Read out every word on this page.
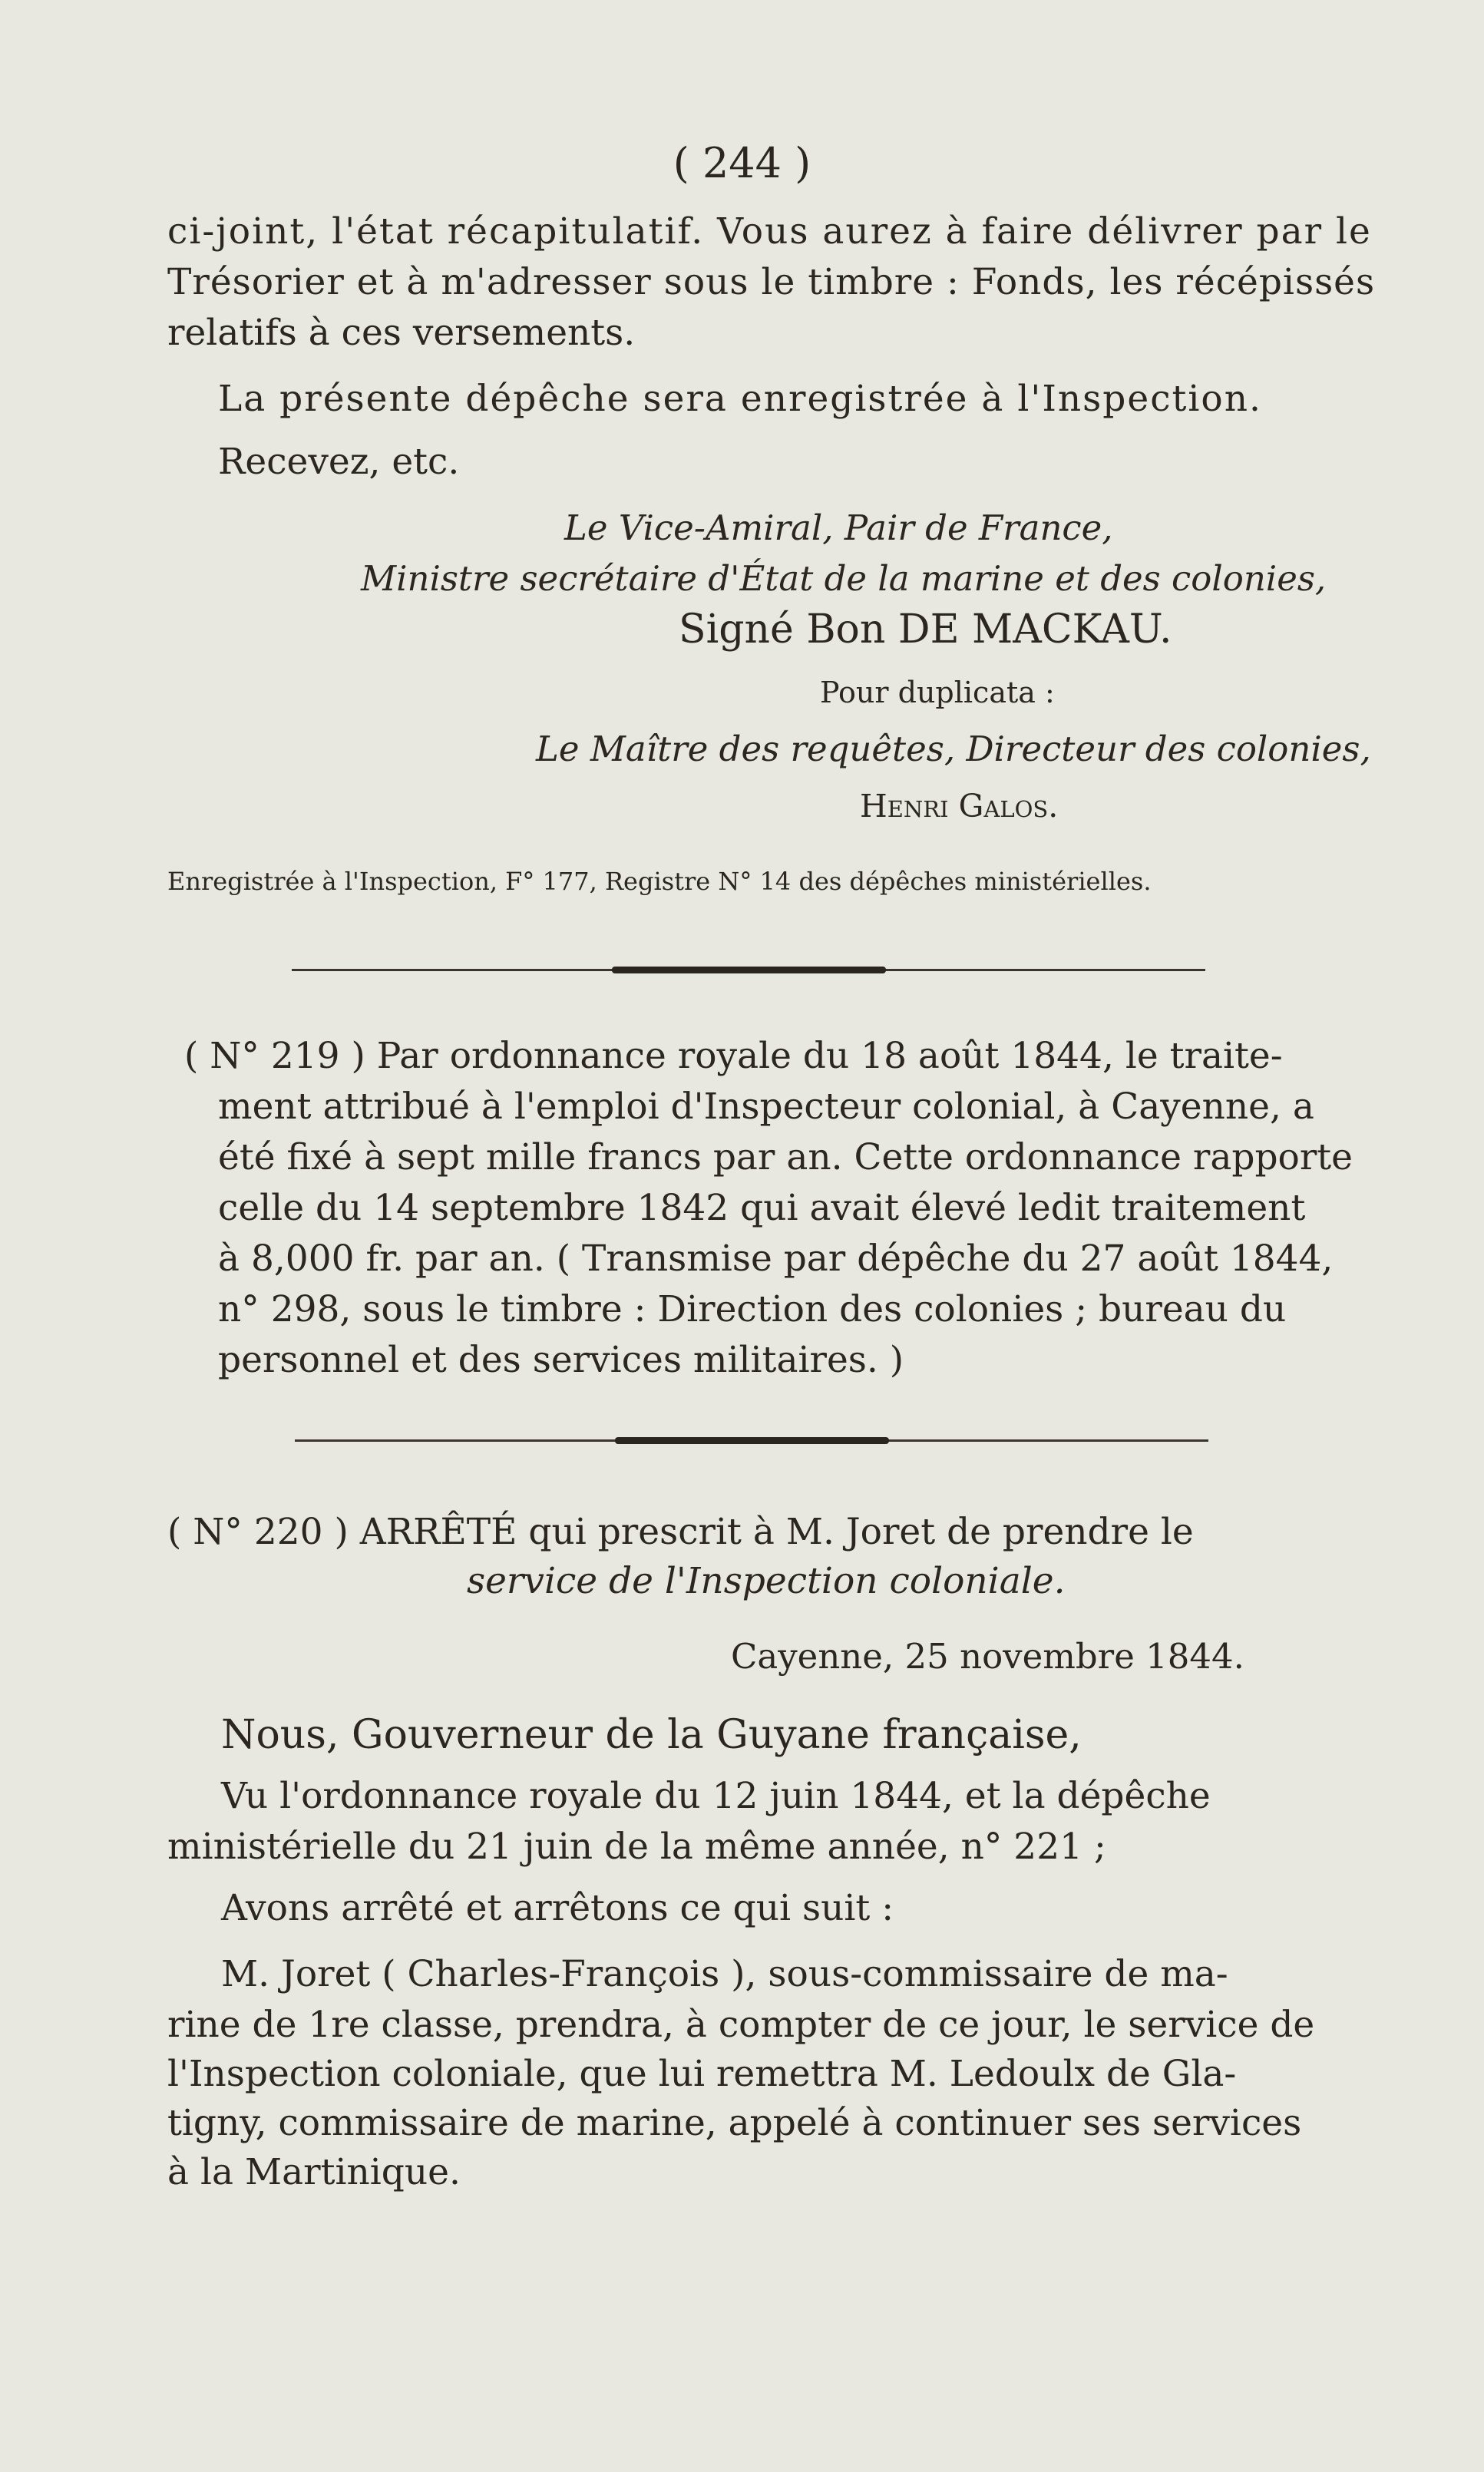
( 244 )
ci-joint, l'état récapitulatif. Vous aurez à faire délivrer par le
Trésorier et à m'adresser sous le timbre : Fonds, les récépissés
relatifs à ces versements.
La présente dépêche sera enregistrée à l'Inspection.
Recevez, etc.
Le Vice-Amiral, Pair de France,
Ministre secrétaire d'État de la marine et des colonies,
Signé Bon DE MACKAU.
Pour duplicata :
Le Maître des requêtes, Directeur des colonies,
Henri Galos.
Enregistrée à l'Inspection, F° 177, Registre N° 14 des dépêches ministérielles.
( N° 219 ) Par ordonnance royale du 18 août 1844, le traite-
ment attribué à l'emploi d'Inspecteur colonial, à Cayenne, a
été fixé à sept mille francs par an. Cette ordonnance rapporte
celle du 14 septembre 1842 qui avait élevé ledit traitement
à 8,000 fr. par an. ( Transmise par dépêche du 27 août 1844,
n° 298, sous le timbre : Direction des colonies ; bureau du
personnel et des services militaires. )
( N° 220 ) ARRÊTÉ qui prescrit à M. Joret de prendre le
service de l'Inspection coloniale.
Cayenne, 25 novembre 1844.
Nous, Gouverneur de la Guyane française,
Vu l'ordonnance royale du 12 juin 1844, et la dépêche
ministérielle du 21 juin de la même année, n° 221 ;
Avons arrêté et arrêtons ce qui suit :
M. Joret ( Charles-François ), sous-commissaire de ma-
rine de 1re classe, prendra, à compter de ce jour, le service de
l'Inspection coloniale, que lui remettra M. Ledoulx de Gla-
tigny, commissaire de marine, appelé à continuer ses services
à la Martinique.
